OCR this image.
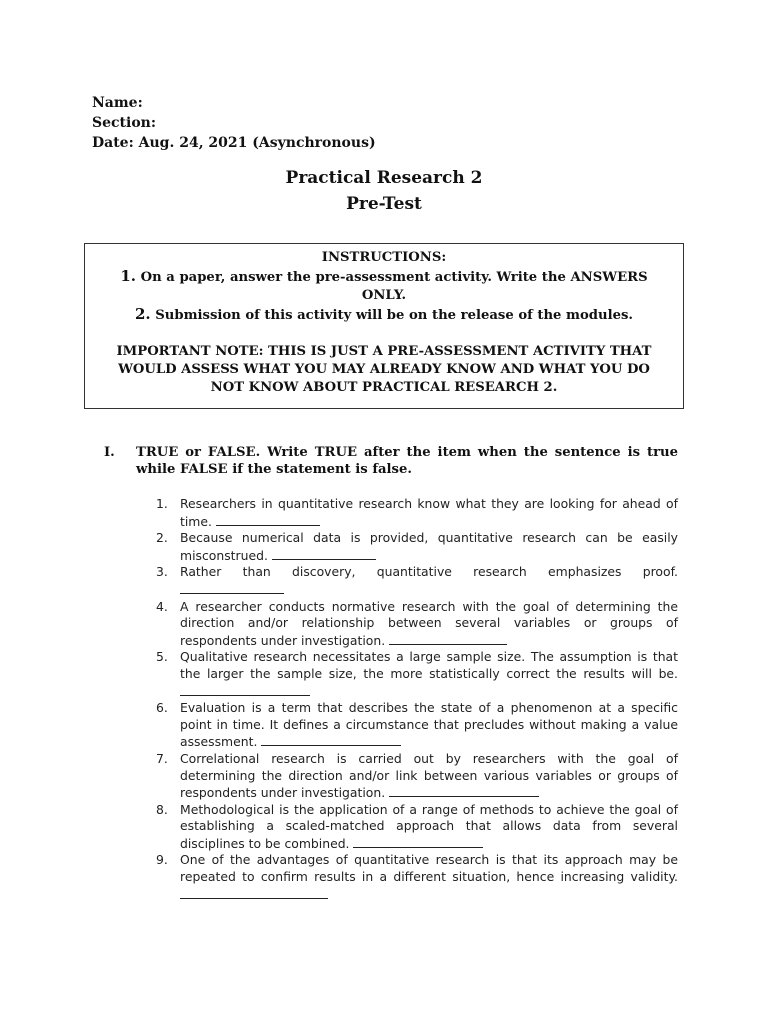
Name:
Section:
Date: Aug. 24, 2021 (Asynchronous)
Practical Research 2
Pre-Test
INSTRUCTIONS:
1. On a paper, answer the pre-assessment activity. Write the ANSWERS
ONLY.
2. Submission of this activity will be on the release of the modules.
IMPORTANT NOTE: THIS IS JUST A PRE-ASSESSMENT ACTIVITY THAT
WOULD ASSESS WHAT YOU MAY ALREADY KNOW AND WHAT YOU DO
NOT KNOW ABOUT PRACTICAL RESEARCH 2.
I. TRUE or FALSE. Write TRUE after the item when the sentence is true while FALSE if the statement is false.
1. Researchers in quantitative research know what they are looking for ahead of time.
2. Because numerical data is provided, quantitative research can be easily misconstrued.
3. Rather than discovery, quantitative research emphasizes proof.
4. A researcher conducts normative research with the goal of determining the direction and/or relationship between several variables or groups of respondents under investigation.
5. Qualitative research necessitates a large sample size. The assumption is that the larger the sample size, the more statistically correct the results will be.
6. Evaluation is a term that describes the state of a phenomenon at a specific point in time. It defines a circumstance that precludes without making a value assessment.
7. Correlational research is carried out by researchers with the goal of determining the direction and/or link between various variables or groups of respondents under investigation.
8. Methodological is the application of a range of methods to achieve the goal of establishing a scaled-matched approach that allows data from several disciplines to be combined.
9. One of the advantages of quantitative research is that its approach may be repeated to confirm results in a different situation, hence increasing validity.
